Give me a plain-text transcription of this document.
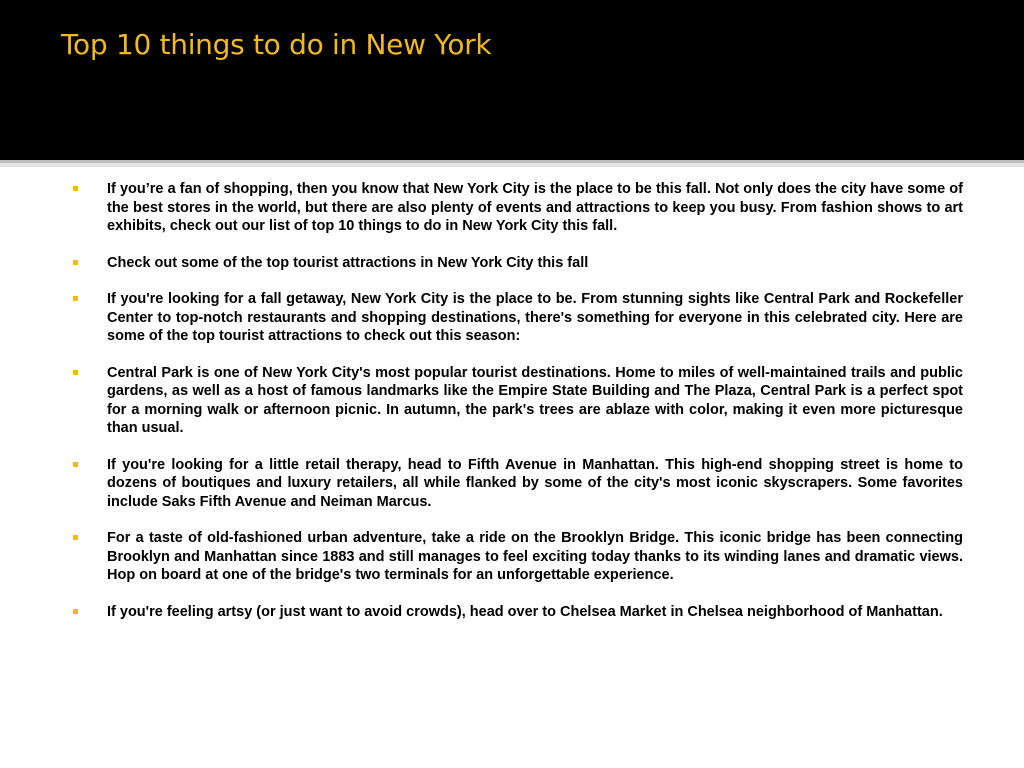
Top 10 things to do in New York
If you’re a fan of shopping, then you know that New York City is the place to be this fall. Not only does the city have some of the best stores in the world, but there are also plenty of events and attractions to keep you busy. From fashion shows to art exhibits, check out our list of top 10 things to do in New York City this fall.
Check out some of the top tourist attractions in New York City this fall
If you're looking for a fall getaway, New York City is the place to be. From stunning sights like Central Park and Rockefeller Center to top-notch restaurants and shopping destinations, there's something for everyone in this celebrated city. Here are some of the top tourist attractions to check out this season:
Central Park is one of New York City's most popular tourist destinations. Home to miles of well-maintained trails and public gardens, as well as a host of famous landmarks like the Empire State Building and The Plaza, Central Park is a perfect spot for a morning walk or afternoon picnic. In autumn, the park's trees are ablaze with color, making it even more picturesque than usual.
If you're looking for a little retail therapy, head to Fifth Avenue in Manhattan. This high-end shopping street is home to dozens of boutiques and luxury retailers, all while flanked by some of the city's most iconic skyscrapers. Some favorites include Saks Fifth Avenue and Neiman Marcus.
For a taste of old-fashioned urban adventure, take a ride on the Brooklyn Bridge. This iconic bridge has been connecting Brooklyn and Manhattan since 1883 and still manages to feel exciting today thanks to its winding lanes and dramatic views. Hop on board at one of the bridge's two terminals for an unforgettable experience.
If you're feeling artsy (or just want to avoid crowds), head over to Chelsea Market in Chelsea neighborhood of Manhattan.
